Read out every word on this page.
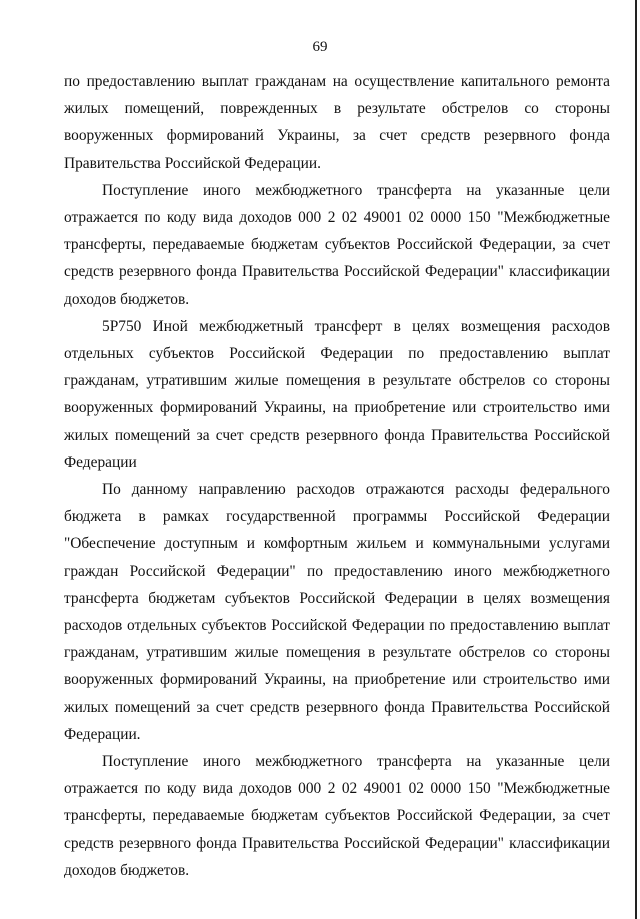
69

по предоставлению выплат гражданам на осуществление капитального ремонта жилых помещений, поврежденных в результате обстрелов со стороны вооруженных формирований Украины, за счет средств резервного фонда Правительства Российской Федерации.

Поступление иного межбюджетного трансферта на указанные цели отражается по коду вида доходов 000 2 02 49001 02 0000 150 "Межбюджетные трансферты, передаваемые бюджетам субъектов Российской Федерации, за счет средств резервного фонда Правительства Российской Федерации" классификации доходов бюджетов.

5Р750 Иной межбюджетный трансферт в целях возмещения расходов отдельных субъектов Российской Федерации по предоставлению выплат гражданам, утратившим жилые помещения в результате обстрелов со стороны вооруженных формирований Украины, на приобретение или строительство ими жилых помещений за счет средств резервного фонда Правительства Российской Федерации

По данному направлению расходов отражаются расходы федерального бюджета в рамках государственной программы Российской Федерации "Обеспечение доступным и комфортным жильем и коммунальными услугами граждан Российской Федерации" по предоставлению иного межбюджетного трансферта бюджетам субъектов Российской Федерации в целях возмещения расходов отдельных субъектов Российской Федерации по предоставлению выплат гражданам, утратившим жилые помещения в результате обстрелов со стороны вооруженных формирований Украины, на приобретение или строительство ими жилых помещений за счет средств резервного фонда Правительства Российской Федерации.

Поступление иного межбюджетного трансферта на указанные цели отражается по коду вида доходов 000 2 02 49001 02 0000 150 "Межбюджетные трансферты, передаваемые бюджетам субъектов Российской Федерации, за счет средств резервного фонда Правительства Российской Федерации" классификации доходов бюджетов.
